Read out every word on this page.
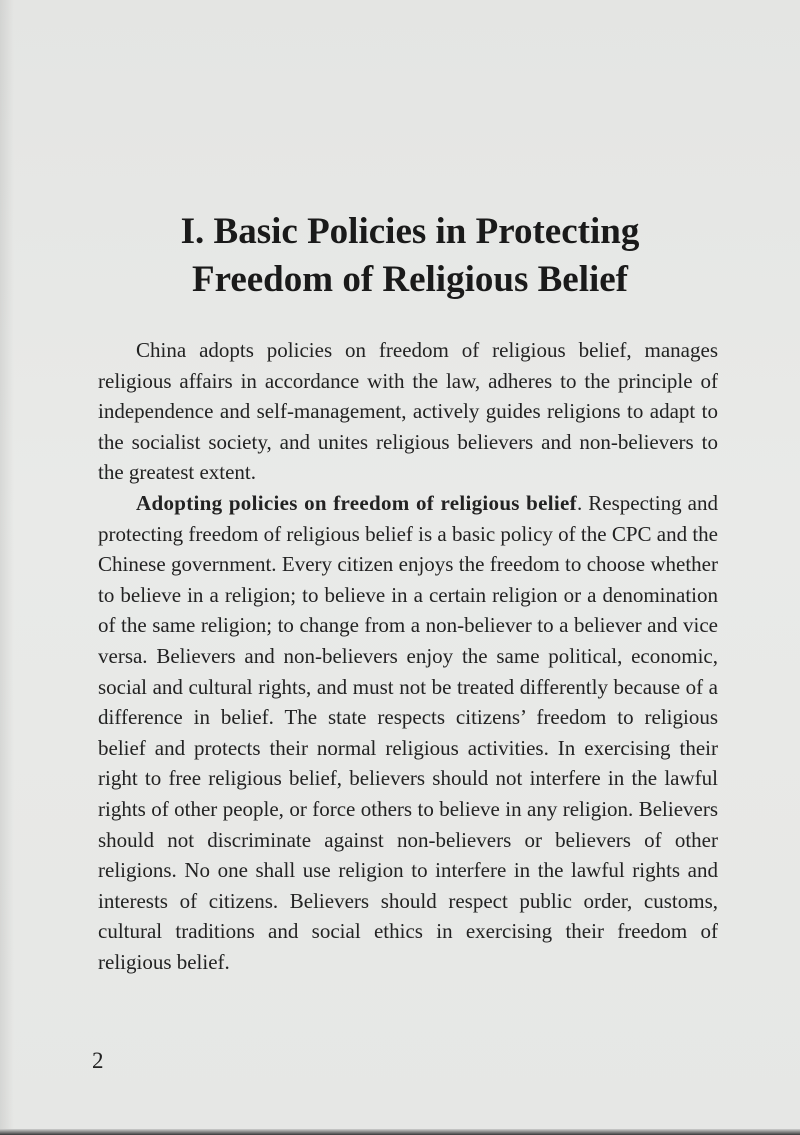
I. Basic Policies in Protecting
Freedom of Religious Belief

China adopts policies on freedom of religious belief, manages religious affairs in accordance with the law, adheres to the principle of independence and self-management, actively guides religions to adapt to the socialist society, and unites religious believers and non-believers to the greatest extent.

Adopting policies on freedom of religious belief. Respecting and protecting freedom of religious belief is a basic policy of the CPC and the Chinese government. Every citizen enjoys the freedom to choose whether to believe in a religion; to believe in a certain religion or a denomination of the same religion; to change from a non-believer to a believer and vice versa. Believers and non-believers enjoy the same political, economic, social and cultural rights, and must not be treated differently because of a difference in belief. The state respects citizens’ freedom to religious belief and protects their normal religious activities. In exercising their right to free religious belief, believers should not interfere in the lawful rights of other people, or force others to believe in any religion. Believers should not discriminate against non-believers or believers of other religions. No one shall use religion to interfere in the lawful rights and interests of citizens. Believers should respect public order, customs, cultural traditions and social ethics in exercising their freedom of religious belief.

2
